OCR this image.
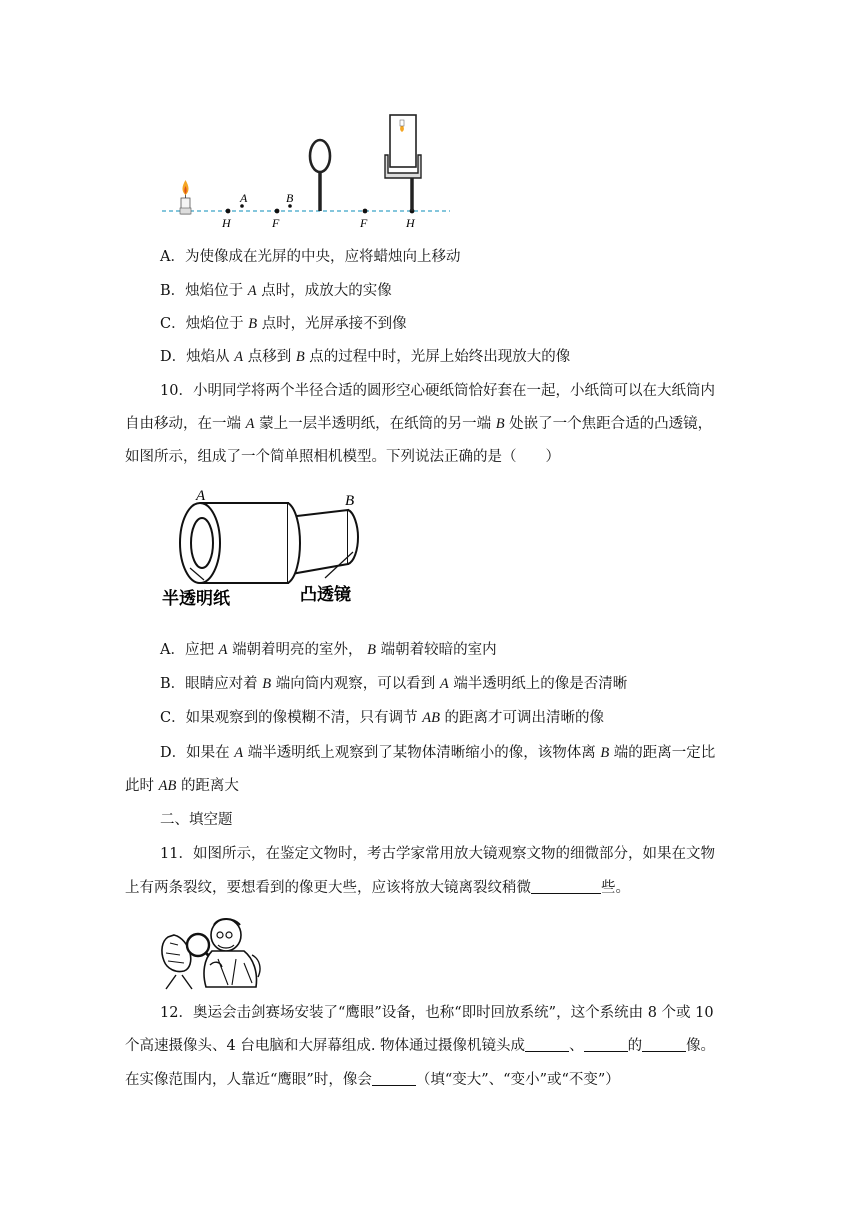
H
A
F
B
F	H

A．为使像成在光屏的中央，应将蜡烛向上移动

B．烛焰位于 A 点时，成放大的实像

C．烛焰位于 B 点时，光屏承接不到像

D．烛焰从 A 点移到 B 点的过程中时，光屏上始终出现放大的像

10．小明同学将两个半径合适的圆形空心硬纸筒恰好套在一起，小纸筒可以在大纸筒内

自由移动，在一端 A 蒙上一层半透明纸，在纸筒的另一端 B 处嵌了一个焦距合适的凸透镜，

如图所示，组成了一个简单照相机模型。下列说法正确的是（　　）

A	B
半透明纸	凸透镜

A．应把 A 端朝着明亮的室外， B 端朝着较暗的室内

B．眼睛应对着 B 端向筒内观察，可以看到 A 端半透明纸上的像是否清晰

C．如果观察到的像模糊不清，只有调节 AB 的距离才可调出清晰的像

D．如果在 A 端半透明纸上观察到了某物体清晰缩小的像，该物体离 B 端的距离一定比

此时 AB 的距离大

二、填空题

11．如图所示，在鉴定文物时，考古学家常用放大镜观察文物的细微部分，如果在文物

上有两条裂纹，要想看到的像更大些，应该将放大镜离裂纹稍微	些。

12．奥运会击剑赛场安装了“鹰眼”设备，也称“即时回放系统”，这个系统由 8 个或 10

个高速摄像头、4 台电脑和大屏幕组成. 物体通过摄像机镜头成	、	的	像。

在实像范围内，人靠近“鹰眼”时，像会	（填“变大”、“变小”或“不变”）
